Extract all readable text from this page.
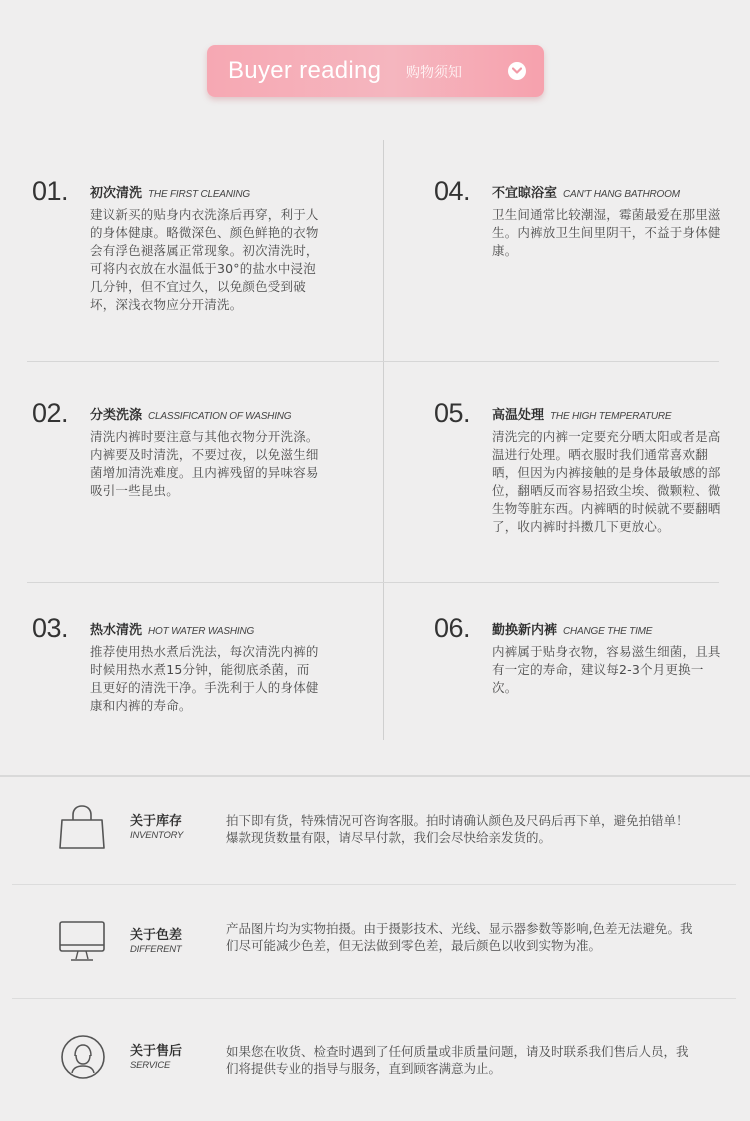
Buyer reading 购物须知
01. 初次清洗 THE FIRST CLEANING
建议新买的贴身内衣洗涤后再穿，利于人的身体健康。略微深色、颜色鲜艳的衣物会有浮色褪落属正常现象。初次清洗时，可将内衣放在水温低于30°的盐水中浸泡几分钟，但不宜过久，以免颜色受到破坏，深浅衣物应分开清洗。
02. 分类洗涤 CLASSIFICATION OF WASHING
清洗内裤时要注意与其他衣物分开洗涤。内裤要及时清洗，不要过夜，以免滋生细菌增加清洗难度。且内裤残留的异味容易吸引一些昆虫。
03. 热水清洗 HOT WATER WASHING
推荐使用热水煮后洗法，每次清洗内裤的时候用热水煮15分钟，能彻底杀菌，而且更好的清洗干净。手洗利于人的身体健康和内裤的寿命。
04. 不宜晾浴室 CAN'T HANG BATHROOM
卫生间通常比较潮湿，霉菌最爱在那里滋生。内裤放卫生间里阴干，不益于身体健康。
05. 高温处理 THE HIGH TEMPERATURE
清洗完的内裤一定要充分晒太阳或者是高温进行处理。晒衣服时我们通常喜欢翻晒，但因为内裤接触的是身体最敏感的部位，翻晒反而容易招致尘埃、微颗粒、微生物等脏东西。内裤晒的时候就不要翻晒了，收内裤时抖擞几下更放心。
06. 勤换新内裤 CHANGE THE TIME
内裤属于贴身衣物，容易滋生细菌，且具有一定的寿命，建议每2-3个月更换一次。
关于库存
INVENTORY
拍下即有货，特殊情况可咨询客服。拍时请确认颜色及尺码后再下单，避免拍错单！爆款现货数量有限，请尽早付款，我们会尽快给亲发货的。
关于色差
DIFFERENT
产品图片均为实物拍摄。由于摄影技术、光线、显示器参数等影响,色差无法避免。我们尽可能减少色差，但无法做到零色差，最后颜色以收到实物为准。
关于售后
SERVICE
如果您在收货、检查时遇到了任何质量或非质量问题，请及时联系我们售后人员，我们将提供专业的指导与服务，直到顾客满意为止。
